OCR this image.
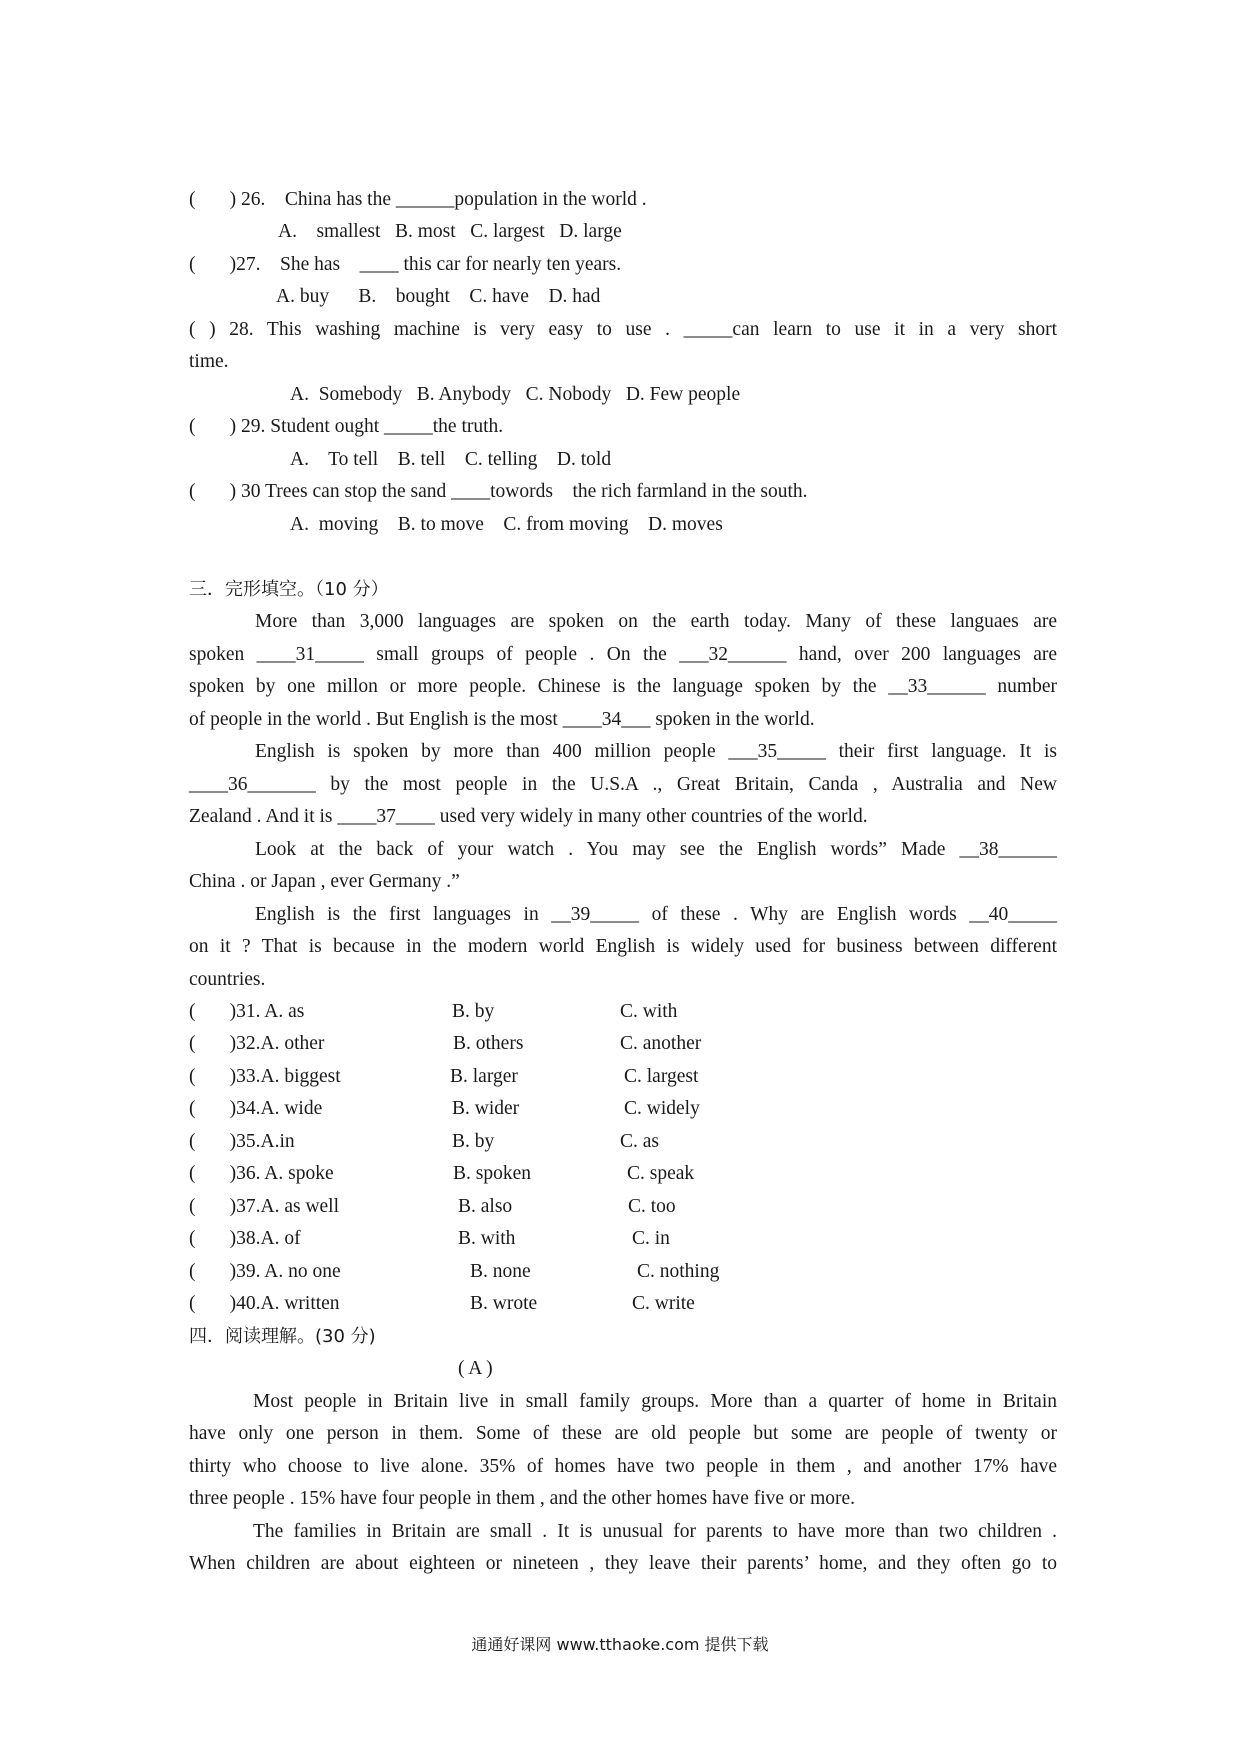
(       ) 26.    China has the ______population in the world .
A.    smallest   B. most   C. largest   D. large
(       )27.    She has    ____ this car for nearly ten years.
A. buy      B.    bought    C. have    D. had
( ) 28. This washing machine is very easy to use . _____can learn to use it in a very short
time.
A.  Somebody   B. Anybody   C. Nobody   D. Few people
(       ) 29. Student ought _____the truth.
A.    To tell    B. tell    C. telling    D. told
(       ) 30 Trees can stop the sand ____towords    the rich farmland in the south.
A.  moving    B. to move    C. from moving    D. moves
三．完形填空。（10 分）
More than 3,000 languages are spoken on the earth today. Many of these languaes are
spoken ____31_____ small groups of people . On the ___32______ hand, over 200 languages are
spoken by one millon or more people. Chinese is the language spoken by the __33______ number
of people in the world . But English is the most ____34___ spoken in the world.
English is spoken by more than 400 million people ___35_____ their first language. It is
____36_______ by the most people in the U.S.A ., Great Britain, Canda , Australia and New
Zealand . And it is ____37____ used very widely in many other countries of the world.
Look at the back of your watch . You may see the English words” Made __38______
China . or Japan , ever Germany .”
English is the first languages in __39_____ of these . Why are English words __40_____
on it ? That is because in the modern world English is widely used for business between different
countries.
(       )31. A. as	B. by	C. with
(       )32.A. other	B. others	C. another
(       )33.A. biggest	B. larger	C. largest
(       )34.A. wide	B. wider	C. widely
(       )35.A.in	B. by	C. as
(       )36. A. spoke	B. spoken	C. speak
(       )37.A. as well	B. also	C. too
(       )38.A. of	B. with	C. in
(       )39. A. no one	B. none	C. nothing
(       )40.A. written	B. wrote	C. write
四．阅读理解。(30 分)
( A )
Most people in Britain live in small family groups. More than a quarter of home in Britain
have only one person in them. Some of these are old people but some are people of twenty or
thirty who choose to live alone. 35% of homes have two people in them , and another 17% have
three people . 15% have four people in them , and the other homes have five or more.
The families in Britain are small . It is unusual for parents to have more than two children .
When children are about eighteen or nineteen , they leave their parents’ home, and they often go to
通通好课网 www.tthaoke.com 提供下载
